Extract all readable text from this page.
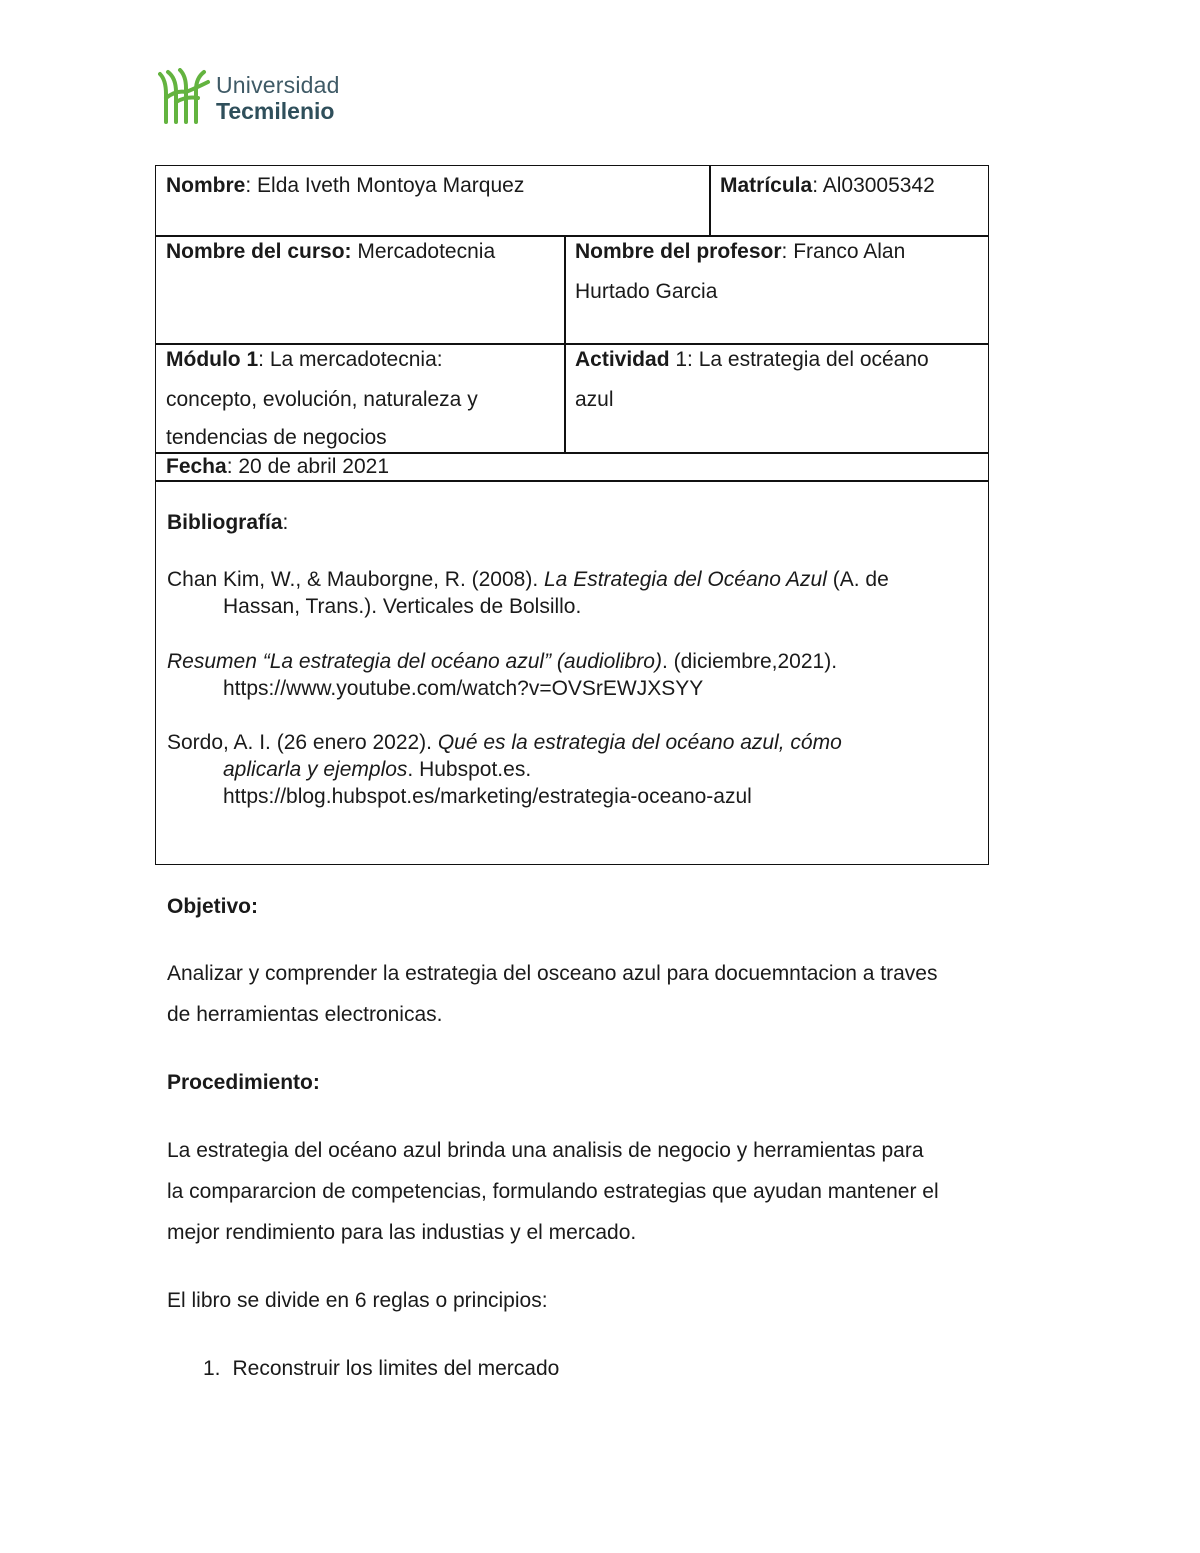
Universidad
Tecmilenio
Nombre: Elda Iveth Montoya Marquez	Matrícula: Al03005342
Nombre del curso: Mercadotecnia	Nombre del profesor: Franco Alan
Hurtado Garcia
Módulo 1: La mercadotecnia:
concepto, evolución, naturaleza y
tendencias de negocios
Actividad 1: La estrategia del océano
azul
Fecha: 20 de abril 2021
Bibliografía:
Chan Kim, W., & Mauborgne, R. (2008). La Estrategia del Océano Azul (A. de
Hassan, Trans.). Verticales de Bolsillo.
Resumen “La estrategia del océano azul” (audiolibro). (diciembre,2021).
https://www.youtube.com/watch?v=OVSrEWJXSYY
Sordo, A. I. (26 enero 2022). Qué es la estrategia del océano azul, cómo
aplicarla y ejemplos. Hubspot.es.
https://blog.hubspot.es/marketing/estrategia-oceano-azul
Objetivo:
Analizar y comprender la estrategia del osceano azul para docuemntacion a traves
de herramientas electronicas.
Procedimiento:
La estrategia del océano azul brinda una analisis de negocio y herramientas para
la compararcion de competencias, formulando estrategias que ayudan mantener el
mejor rendimiento para las industias y el mercado.
El libro se divide en 6 reglas o principios:
1. Reconstruir los limites del mercado
